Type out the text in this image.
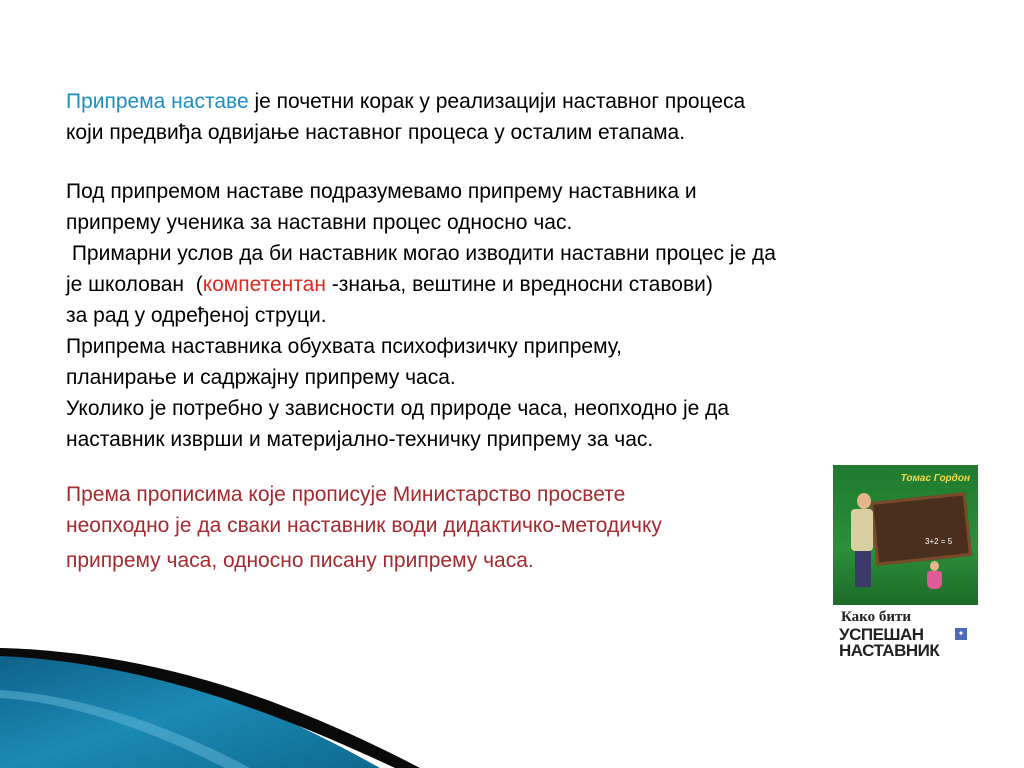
Припрема наставе је почетни корак у реализацији наставног процеса
који предвиђа одвијање наставног процеса у осталим етапама.
Под припремом наставе подразумевамо припрему наставника и
припрему ученика за наставни процес односно час.
Примарни услов да би наставник могао изводити наставни процес је да
је школован  (компетентан -знања, вештине и вредносни ставови)
за рад у одређеној струци.
Припрема наставника обухвата психофизичку припрему,
планирање и садржајну припрему часа.
Уколико је потребно у зависности од природе часа, неопходно је да
наставник изврши и материјално-техничку припрему за час.
Према прописима које прописује Министарство просвете
неопходно је да сваки наставник води дидактичко-методичку
припрему часа, односно писану припрему часа.
Томас Гордон
3+2 = 5
Како бити
УСПЕШАН	✦
НАСТАВНИК
